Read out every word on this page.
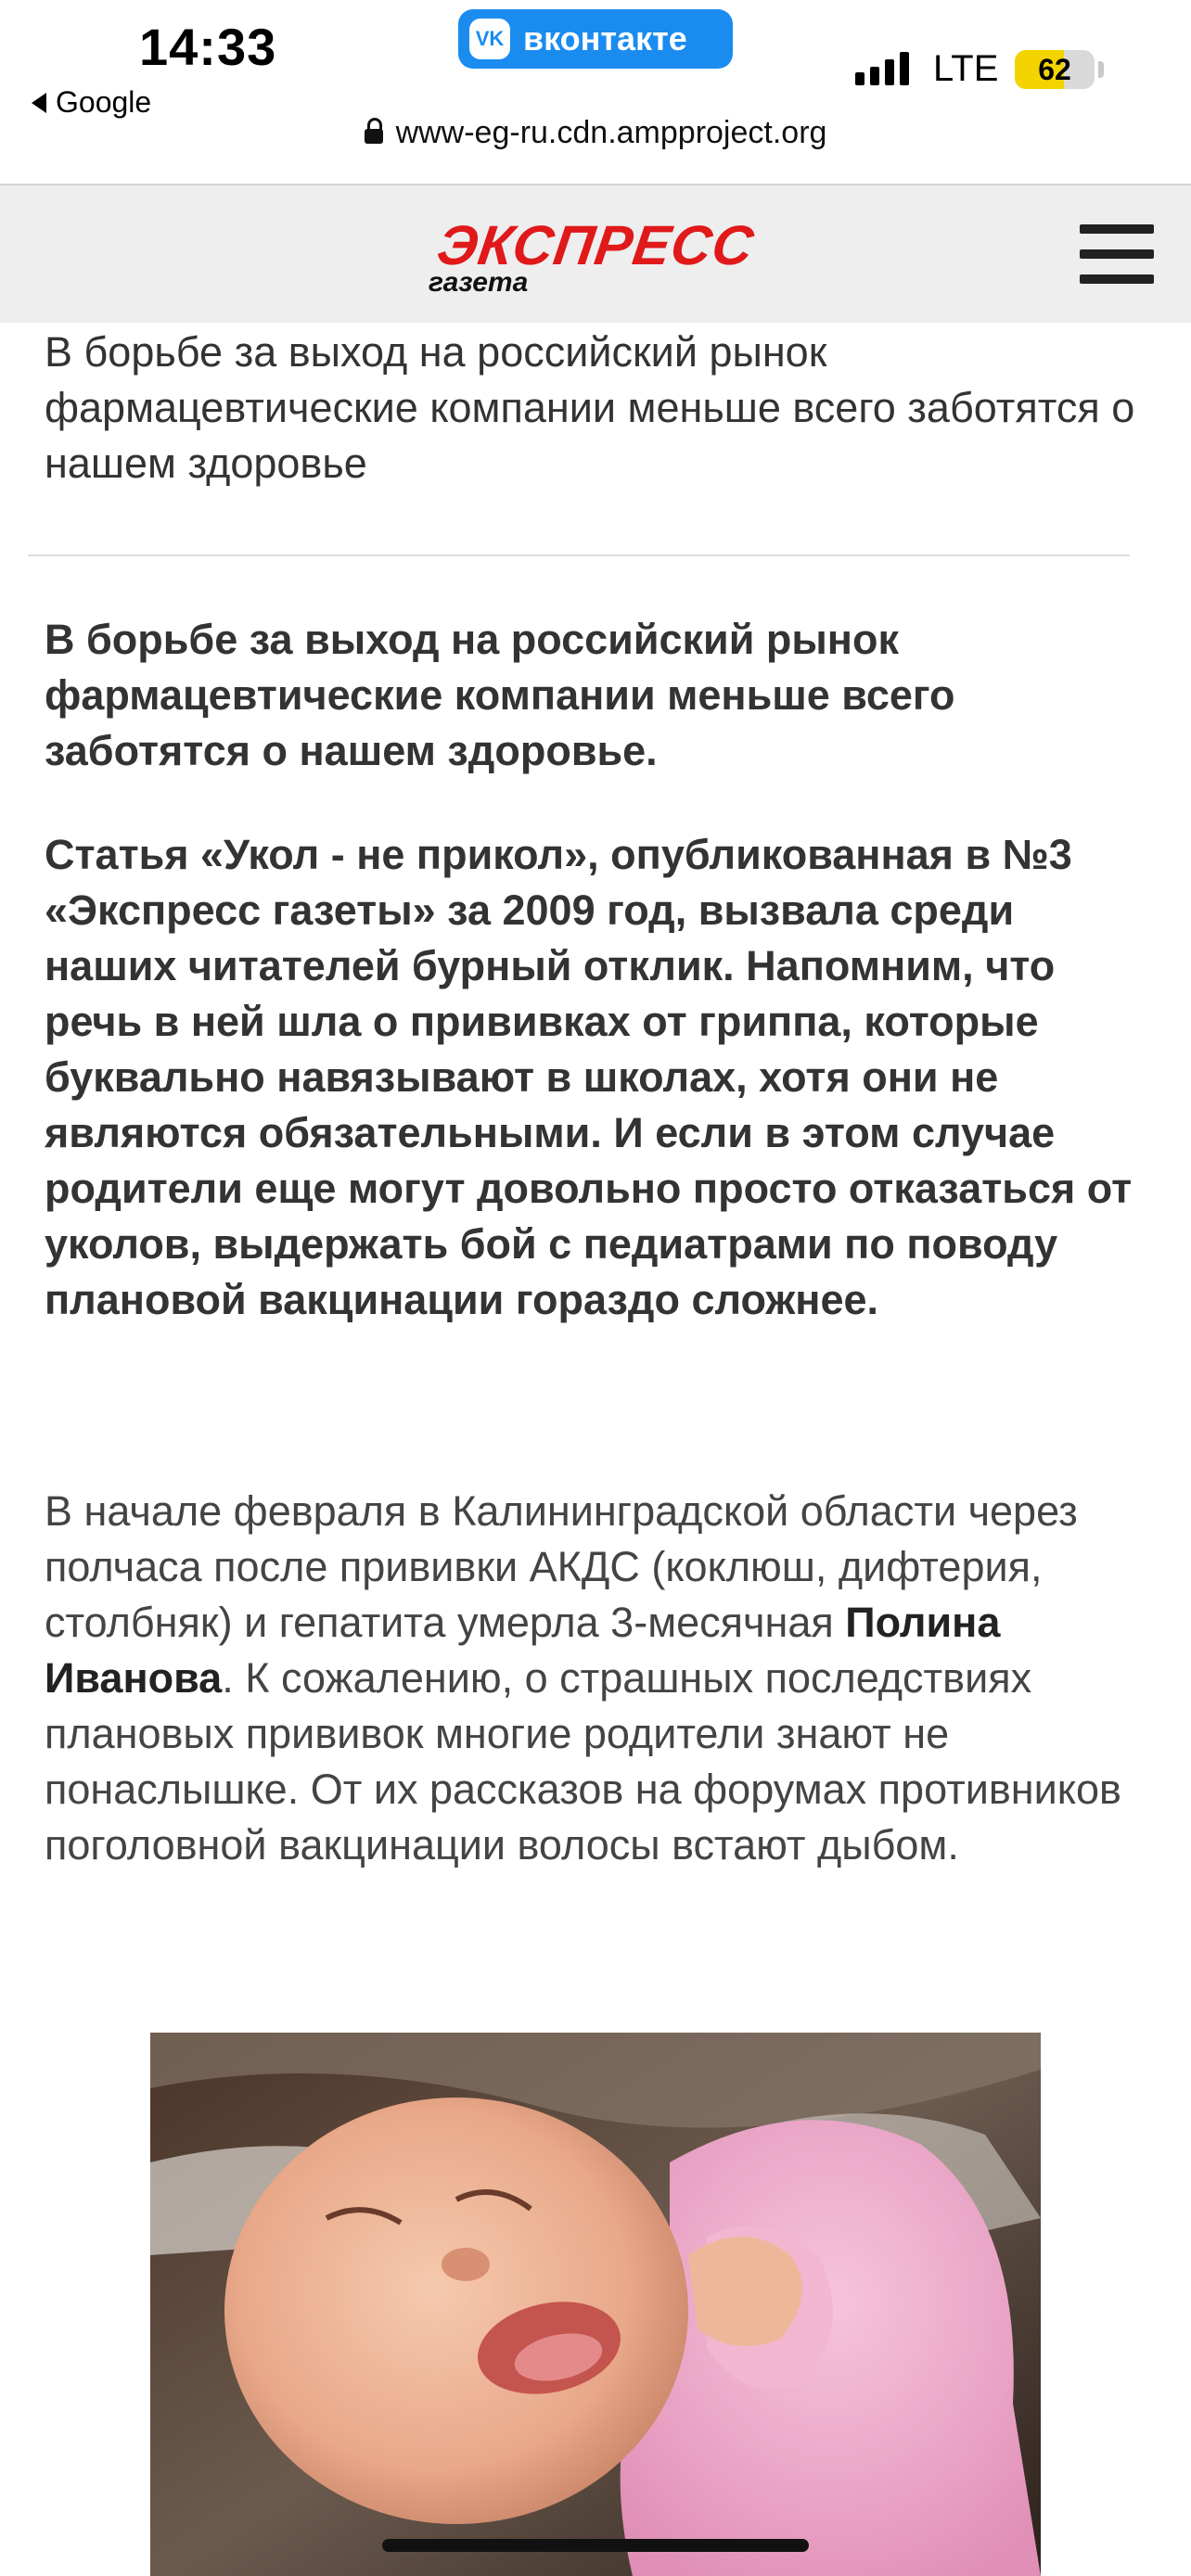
14:33
Google
VK вконтакте
LTE	62
www-eg-ru.cdn.ampproject.org
ЭКСПРЕСС
газета
В борьбе за выход на российский рынок фармацевтические компании меньше всего заботятся о нашем здоровье
В борьбе за выход на российский рынок фармацевтические компании меньше всего заботятся о нашем здоровье.
Статья «Укол - не прикол», опубликованная в №3 «Экспресс газеты» за 2009 год, вызвала среди наших читателей бурный отклик. Напомним, что речь в ней шла о прививках от гриппа, которые буквально навязывают в школах, хотя они не являются обязательными. И если в этом случае родители еще могут довольно просто отказаться от уколов, выдержать бой с педиатрами по поводу плановой вакцинации гораздо сложнее.
В начале февраля в Калининградской области через полчаса после прививки АКДС (коклюш, дифтерия, столбняк) и гепатита умерла 3-месячная Полина Иванова. К сожалению, о страшных последствиях плановых прививок многие родители знают не понаслышке. От их рассказов на форумах противников поголовной вакцинации волосы встают дыбом.
